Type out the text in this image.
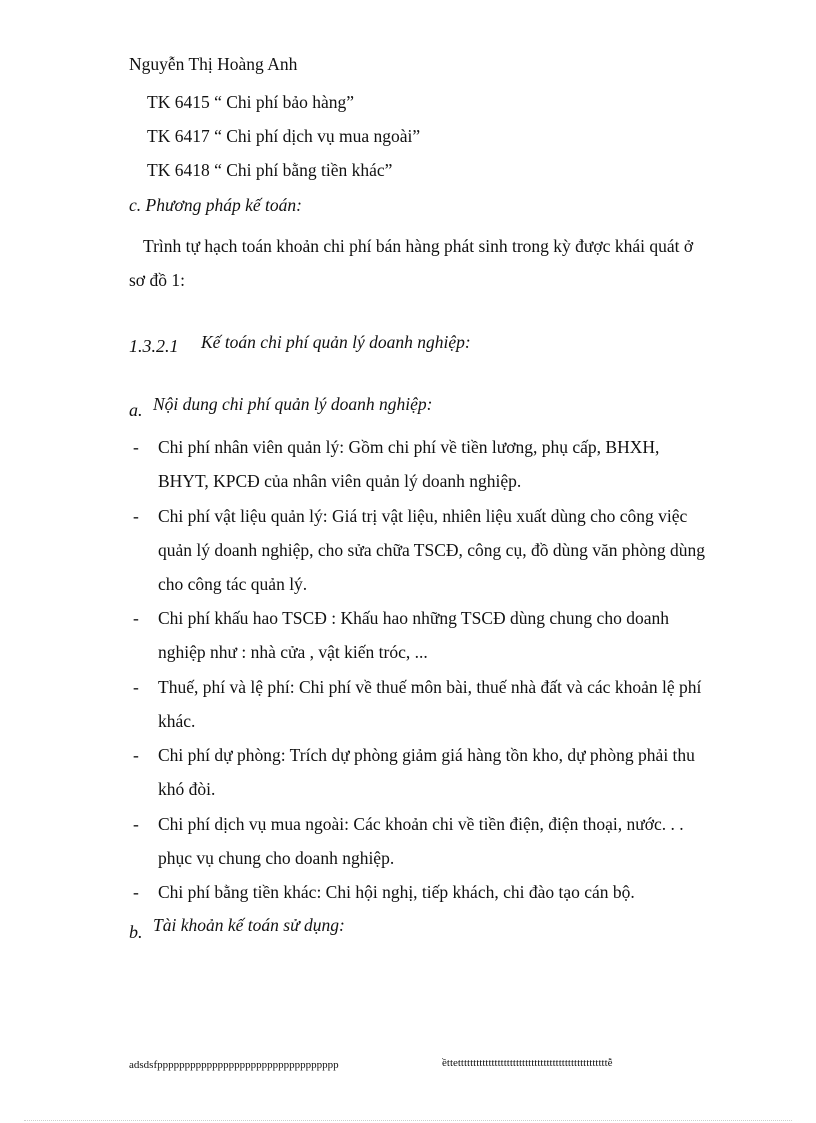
Nguyễn Thị Hoàng Anh
TK 6415 “ Chi phí bảo hàng”
TK 6417 “ Chi phí dịch vụ mua ngoài”
TK 6418 “ Chi phí bằng tiền khác”
c. Phương pháp kế toán:
Trình tự hạch toán khoản chi phí bán hàng phát sinh trong kỳ được khái quát ở
sơ đồ 1:
1.3.2.1 Kế toán chi phí quản lý doanh nghiệp:
a. Nội dung chi phí quản lý doanh nghiệp:
- Chi phí nhân viên quản lý: Gồm chi phí về tiền lương, phụ cấp, BHXH,
BHYT, KPCĐ của nhân viên quản lý doanh nghiệp.
- Chi phí vật liệu quản lý: Giá trị vật liệu, nhiên liệu xuất dùng cho công việc
quản lý doanh nghiệp, cho sửa chữa TSCĐ, công cụ, đồ dùng văn phòng dùng
cho công tác quản lý.
- Chi phí khấu hao TSCĐ : Khấu hao những TSCĐ dùng chung cho doanh
nghiệp như : nhà cửa , vật kiến tróc, ...
- Thuế, phí và lệ phí: Chi phí về thuế môn bài, thuế nhà đất và các khoản lệ phí
khác.
- Chi phí dự phòng: Trích dự phòng giảm giá hàng tồn kho, dự phòng phải thu
khó đòi.
- Chi phí dịch vụ mua ngoài: Các khoản chi về tiền điện, điện thoại, nước. . .
phục vụ chung cho doanh nghiệp.
- Chi phí bằng tiền khác: Chi hội nghị, tiếp khách, chi đào tạo cán bộ.
b. Tài khoản kế toán sử dụng:
adsdsfppppppppppppppppppppppppppppppppp	ềttetttttttttttttttttttttttttttttttttttttttttttttttttễ
